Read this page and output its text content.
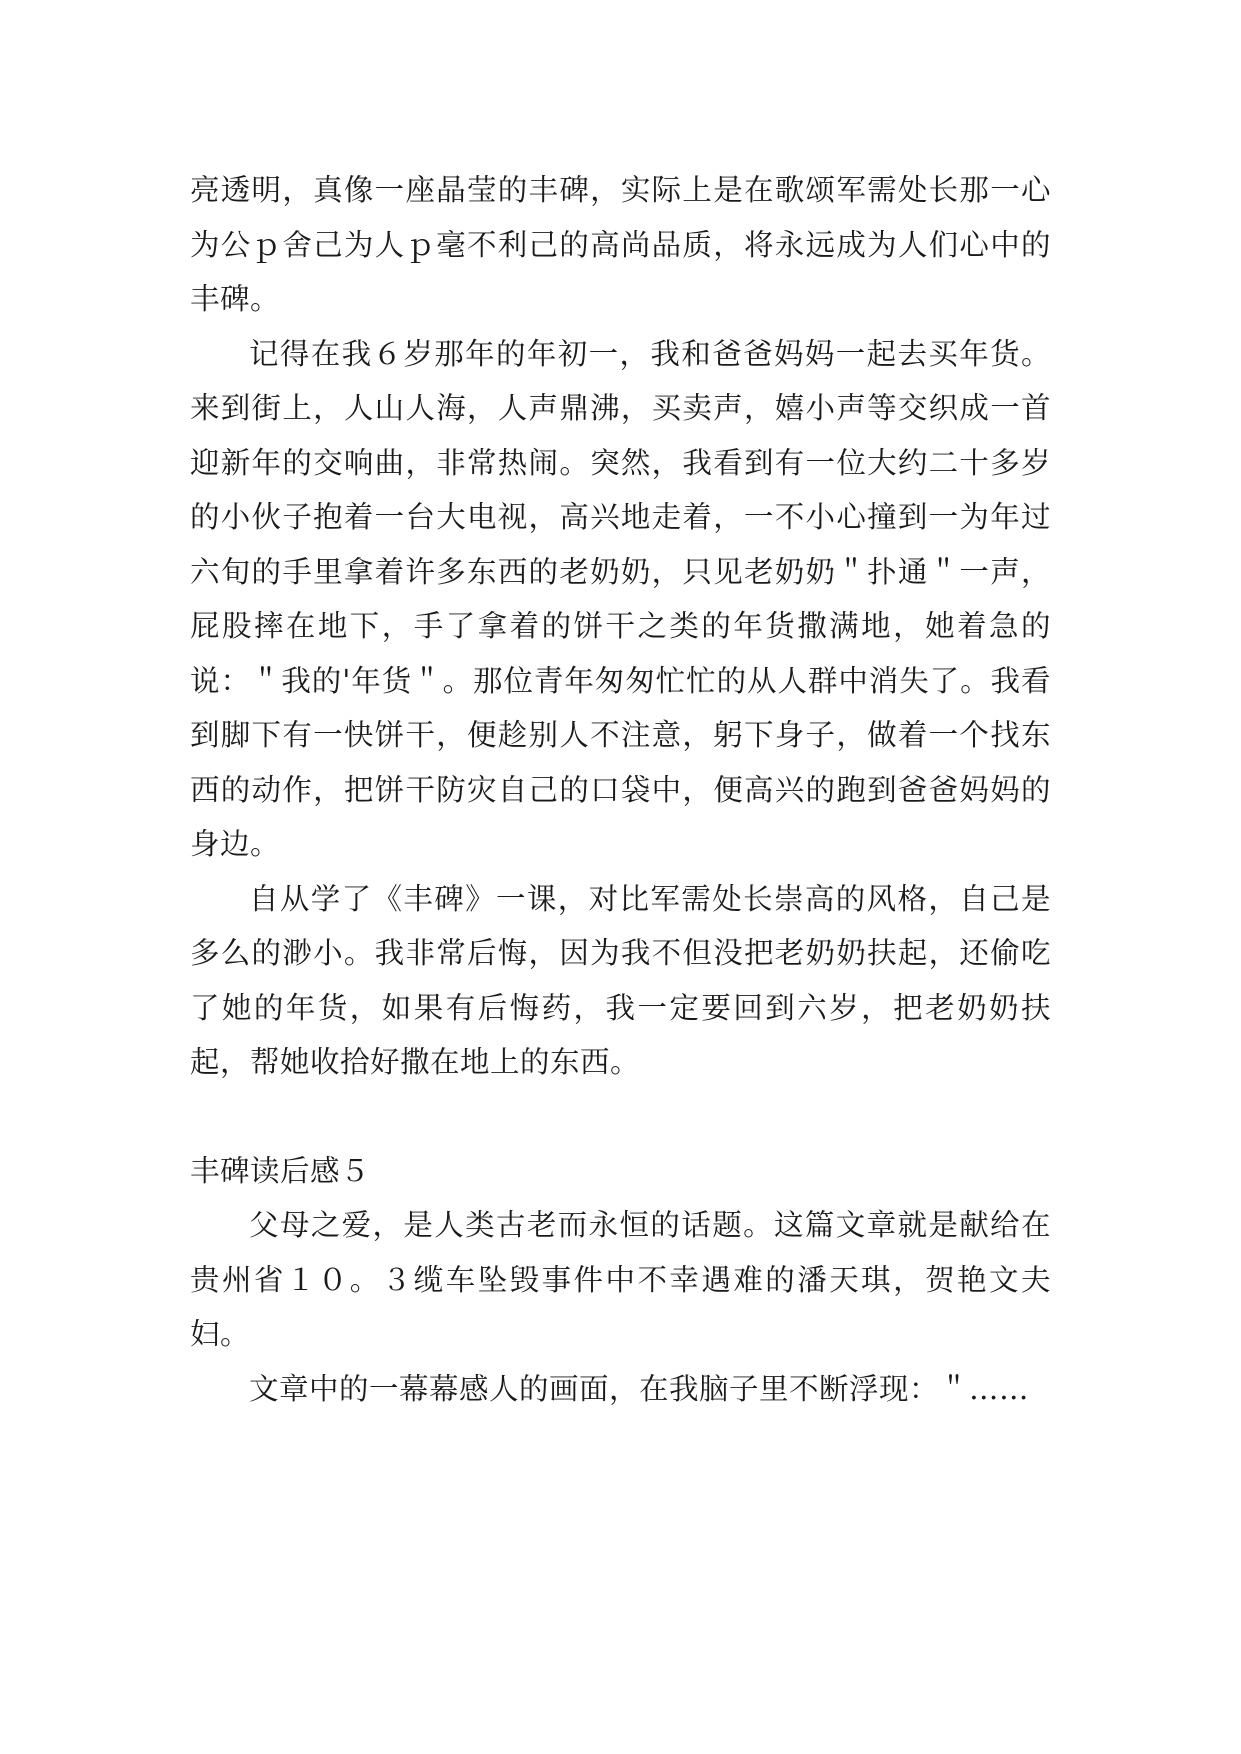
亮透明，真像一座晶莹的丰碑，实际上是在歌颂军需处长那一心为公ｐ舍己为人ｐ毫不利己的高尚品质，将永远成为人们心中的丰碑。

记得在我６岁那年的年初一，我和爸爸妈妈一起去买年货。来到街上，人山人海，人声鼎沸，买卖声，嬉小声等交织成一首迎新年的交响曲，非常热闹。突然，我看到有一位大约二十多岁的小伙子抱着一台大电视，高兴地走着，一不小心撞到一为年过六旬的手里拿着许多东西的老奶奶，只见老奶奶＂扑通＂一声，屁股摔在地下，手了拿着的饼干之类的年货撒满地，她着急的说：＂我的'年货＂。那位青年匆匆忙忙的从人群中消失了。我看到脚下有一快饼干，便趁别人不注意，躬下身子，做着一个找东西的动作，把饼干防灾自己的口袋中，便高兴的跑到爸爸妈妈的身边。

自从学了《丰碑》一课，对比军需处长崇高的风格，自己是多么的渺小。我非常后悔，因为我不但没把老奶奶扶起，还偷吃了她的年货，如果有后悔药，我一定要回到六岁，把老奶奶扶起，帮她收拾好撒在地上的东西。

丰碑读后感５

父母之爱，是人类古老而永恒的话题。这篇文章就是献给在贵州省１０。３缆车坠毁事件中不幸遇难的潘天琪，贺艳文夫妇。

文章中的一幕幕感人的画面，在我脑子里不断浮现：＂……
